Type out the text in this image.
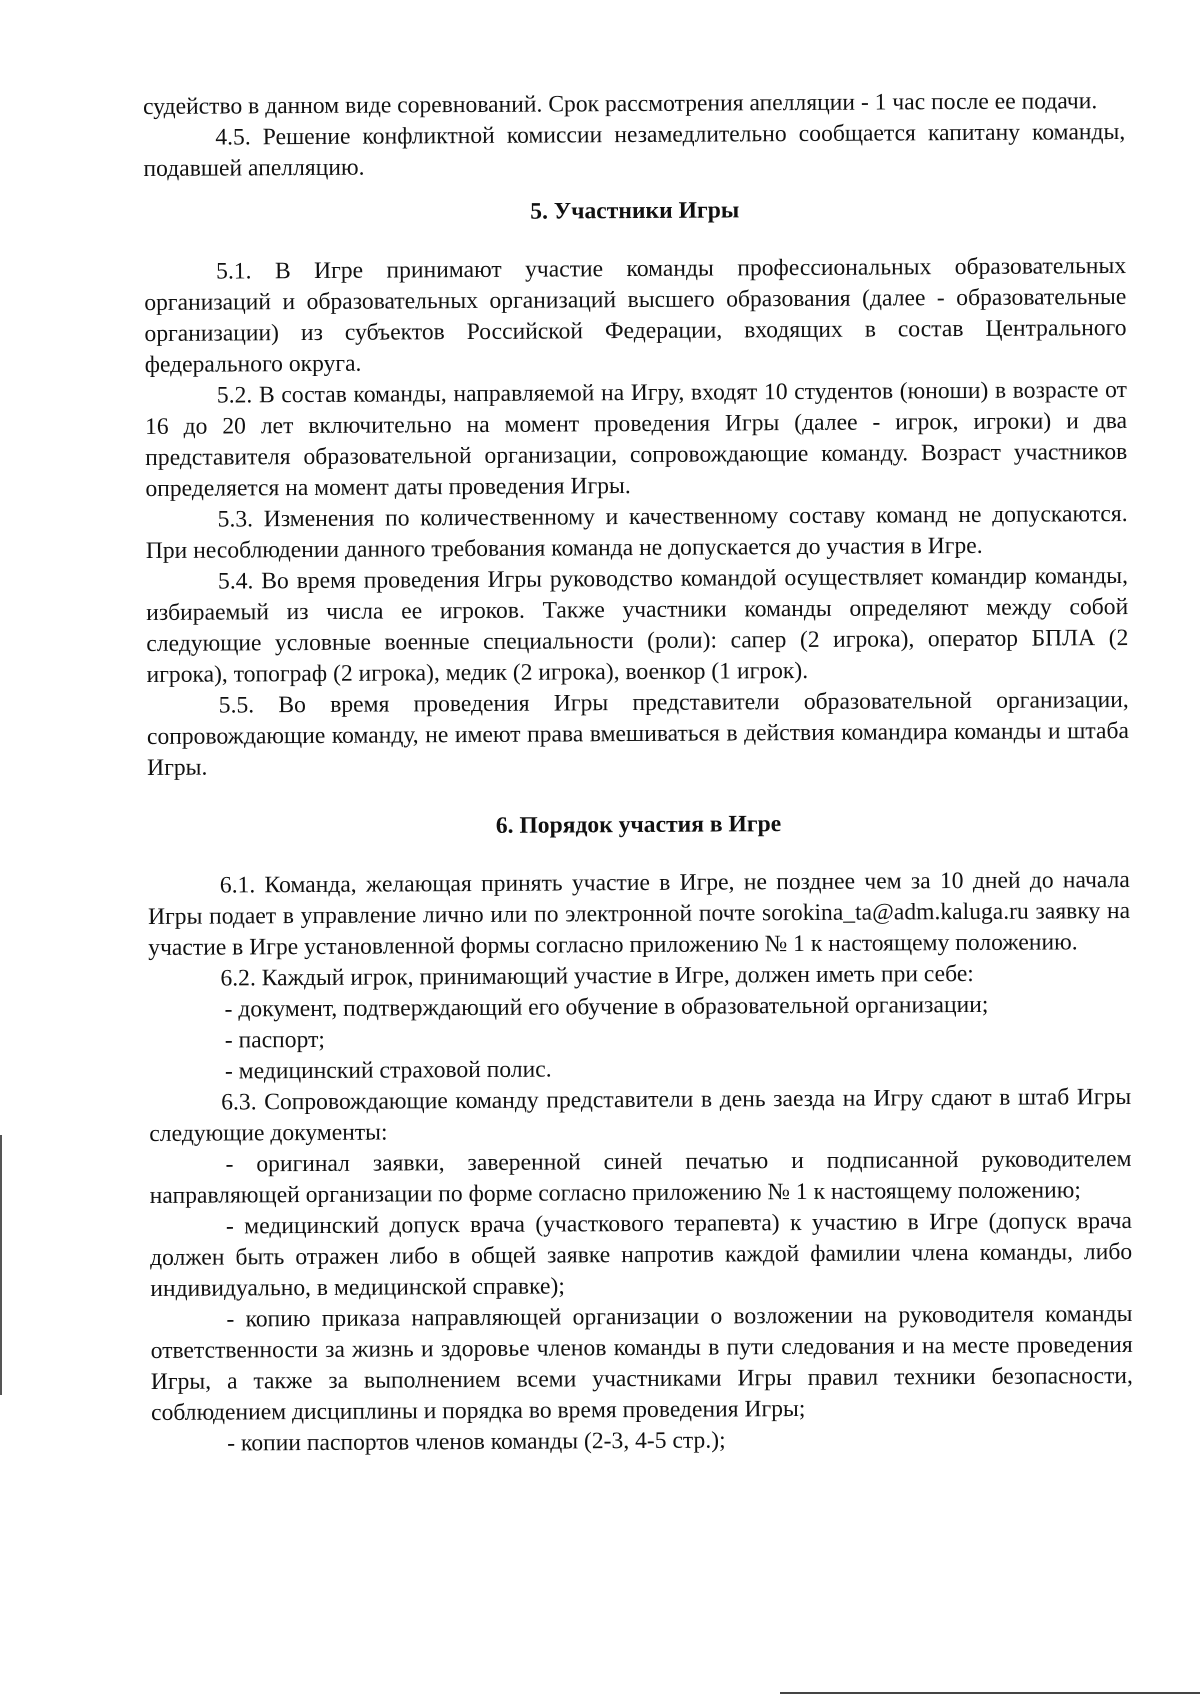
судейство в данном виде соревнований. Срок рассмотрения апелляции - 1 час после ее подачи.

4.5. Решение конфликтной комиссии незамедлительно сообщается капитану команды, подавшей апелляцию.

5. Участники Игры

5.1. В Игре принимают участие команды профессиональных образовательных организаций и образовательных организаций высшего образования (далее - образовательные организации) из субъектов Российской Федерации, входящих в состав Центрального федерального округа.

5.2. В состав команды, направляемой на Игру, входят 10 студентов (юноши) в возрасте от 16 до 20 лет включительно на момент проведения Игры (далее - игрок, игроки) и два представителя образовательной организации, сопровождающие команду. Возраст участников определяется на момент даты проведения Игры.

5.3. Изменения по количественному и качественному составу команд не допускаются. При несоблюдении данного требования команда не допускается до участия в Игре.

5.4. Во время проведения Игры руководство командой осуществляет командир команды, избираемый из числа ее игроков. Также участники команды определяют между собой следующие условные военные специальности (роли): сапер (2 игрока), оператор БПЛА (2 игрока), топограф (2 игрока), медик (2 игрока), военкор (1 игрок).

5.5. Во время проведения Игры представители образовательной организации, сопровождающие команду, не имеют права вмешиваться в действия командира команды и штаба Игры.

6. Порядок участия в Игре

6.1. Команда, желающая принять участие в Игре, не позднее чем за 10 дней до начала Игры подает в управление лично или по электронной почте sorokina_ta@adm.kaluga.ru заявку на участие в Игре установленной формы согласно приложению № 1 к настоящему положению.

6.2. Каждый игрок, принимающий участие в Игре, должен иметь при себе:

- документ, подтверждающий его обучение в образовательной организации;

- паспорт;

- медицинский страховой полис.

6.3. Сопровождающие команду представители в день заезда на Игру сдают в штаб Игры следующие документы:

- оригинал заявки, заверенной синей печатью и подписанной руководителем направляющей организации по форме согласно приложению № 1 к настоящему положению;

- медицинский допуск врача (участкового терапевта) к участию в Игре (допуск врача должен быть отражен либо в общей заявке напротив каждой фамилии члена команды, либо индивидуально, в медицинской справке);

- копию приказа направляющей организации о возложении на руководителя команды ответственности за жизнь и здоровье членов команды в пути следования и на месте проведения Игры, а также за выполнением всеми участниками Игры правил техники безопасности, соблюдением дисциплины и порядка во время проведения Игры;

- копии паспортов членов команды (2-3, 4-5 стр.);
